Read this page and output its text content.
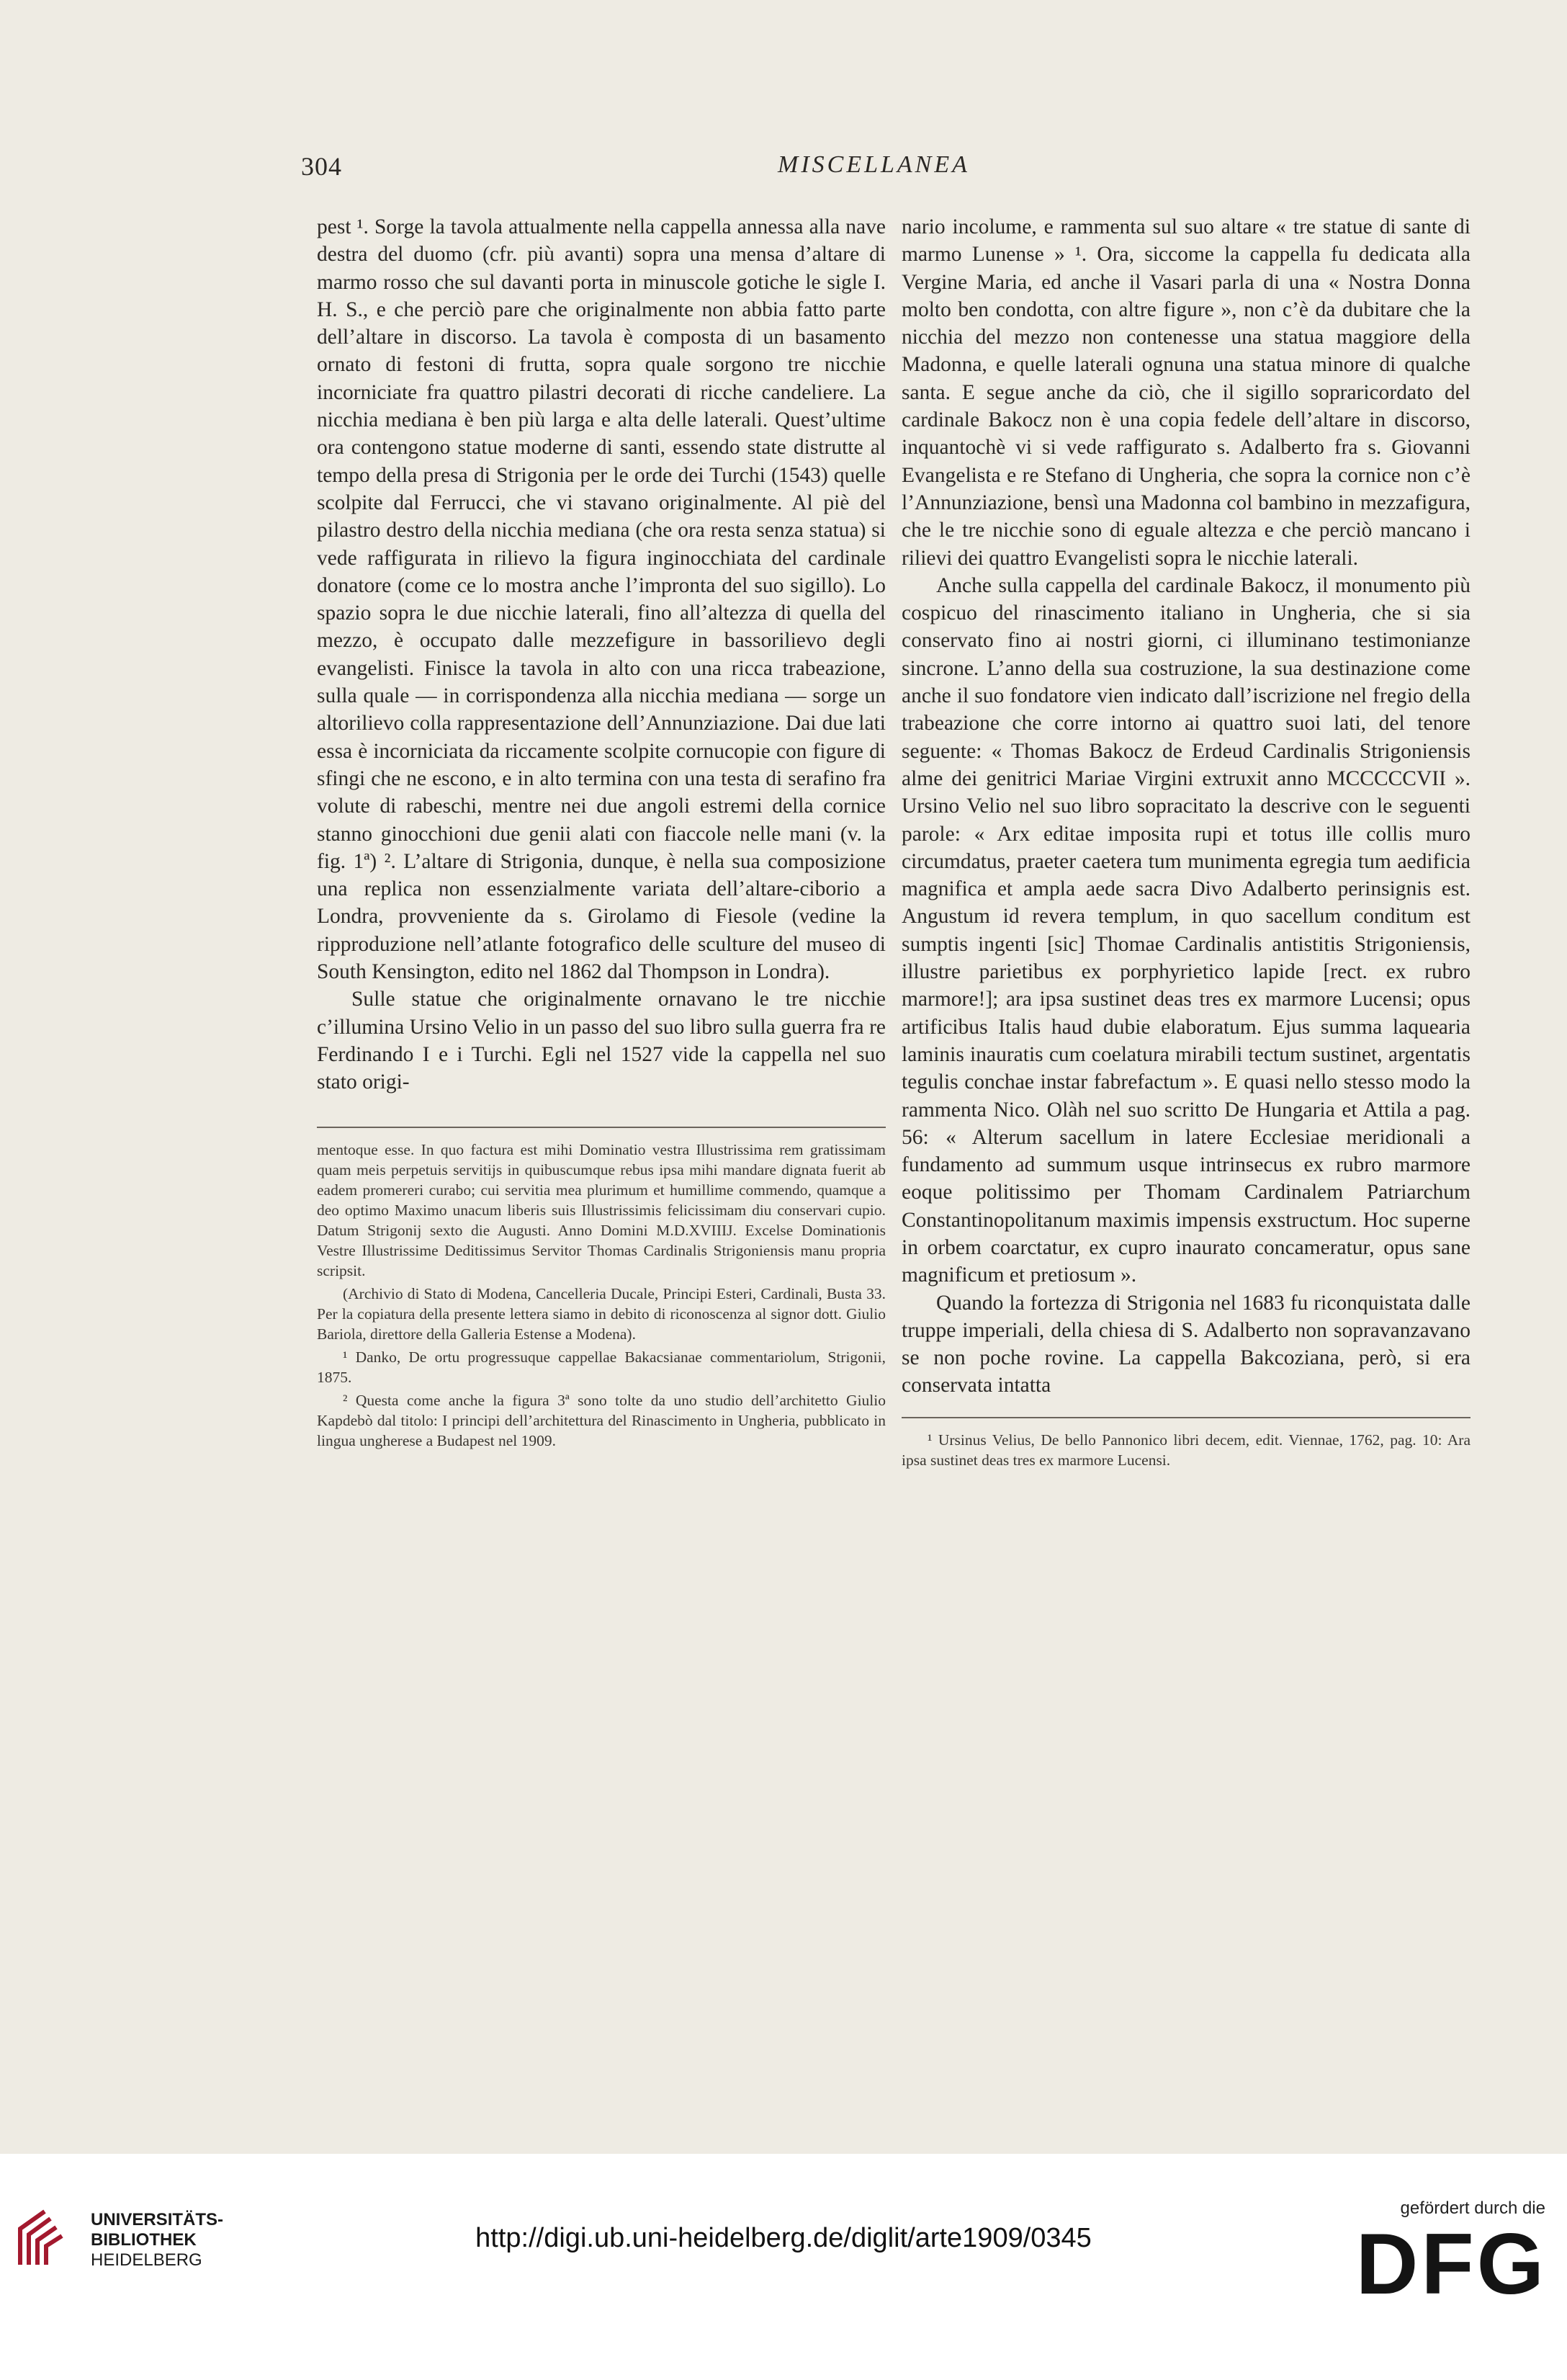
304	MISCELLANEA

pest ¹. Sorge la tavola attualmente nella cappella annessa alla nave destra del duomo (cfr. più avanti) sopra una mensa d’altare di marmo rosso che sul davanti porta in minuscole gotiche le sigle I. H. S., e che perciò pare che originalmente non abbia fatto parte dell’altare in discorso. La tavola è composta di un basamento ornato di festoni di frutta, sopra quale sorgono tre nicchie incorniciate fra quattro pilastri decorati di ricche candeliere. La nicchia mediana è ben più larga e alta delle laterali. Quest’ultime ora contengono statue moderne di santi, essendo state distrutte al tempo della presa di Strigonia per le orde dei Turchi (1543) quelle scolpite dal Ferrucci, che vi stavano originalmente. Al piè del pilastro destro della nicchia mediana (che ora resta senza statua) si vede raffigurata in rilievo la figura inginocchiata del cardinale donatore (come ce lo mostra anche l’impronta del suo sigillo). Lo spazio sopra le due nicchie laterali, fino all’altezza di quella del mezzo, è occupato dalle mezzefigure in bassorilievo degli evangelisti. Finisce la tavola in alto con una ricca trabeazione, sulla quale — in corrispondenza alla nicchia mediana — sorge un altorilievo colla rappresentazione dell’Annunziazione. Dai due lati essa è incorniciata da riccamente scolpite cornucopie con figure di sfingi che ne escono, e in alto termina con una testa di serafino fra volute di rabeschi, mentre nei due angoli estremi della cornice stanno ginocchioni due genii alati con fiaccole nelle mani (v. la fig. 1ª) ². L’altare di Strigonia, dunque, è nella sua composizione una replica non essenzialmente variata dell’altare-ciborio a Londra, provveniente da s. Girolamo di Fiesole (vedine la ripproduzione nell’atlante fotografico delle sculture del museo di South Kensington, edito nel 1862 dal Thompson in Londra).

Sulle statue che originalmente ornavano le tre nicchie c’illumina Ursino Velio in un passo del suo libro sulla guerra fra re Ferdinando I e i Turchi. Egli nel 1527 vide la cappella nel suo stato origi-

mentoque esse. In quo factura est mihi Dominatio vestra Illustrissima rem gratissimam quam meis perpetuis servitijs in quibuscumque rebus ipsa mihi mandare dignata fuerit ab eadem promereri curabo; cui servitia mea plurimum et humillime commendo, quamque a deo optimo Maximo unacum liberis suis Illustrissimis felicissimam diu conservari cupio. Datum Strigonij sexto die Augusti. Anno Domini M.D.XVIIIJ. Excelse Dominationis Vestre Illustrissime Deditissimus Servitor Thomas Cardinalis Strigoniensis manu propria scripsit.

(Archivio di Stato di Modena, Cancelleria Ducale, Principi Esteri, Cardinali, Busta 33. Per la copiatura della presente lettera siamo in debito di riconoscenza al signor dott. Giulio Bariola, direttore della Galleria Estense a Modena).

¹ Danko, De ortu progressuque cappellae Bakacsianae commentariolum, Strigonii, 1875.

² Questa come anche la figura 3ª sono tolte da uno studio dell’architetto Giulio Kapdebò dal titolo: I principi dell’architettura del Rinascimento in Ungheria, pubblicato in lingua ungherese a Budapest nel 1909.

nario incolume, e rammenta sul suo altare « tre statue di sante di marmo Lunense » ¹. Ora, siccome la cappella fu dedicata alla Vergine Maria, ed anche il Vasari parla di una « Nostra Donna molto ben condotta, con altre figure », non c’è da dubitare che la nicchia del mezzo non contenesse una statua maggiore della Madonna, e quelle laterali ognuna una statua minore di qualche santa. E segue anche da ciò, che il sigillo sopraricordato del cardinale Bakocz non è una copia fedele dell’altare in discorso, inquantochè vi si vede raffigurato s. Adalberto fra s. Giovanni Evangelista e re Stefano di Ungheria, che sopra la cornice non c’è l’Annunziazione, bensì una Madonna col bambino in mezzafigura, che le tre nicchie sono di eguale altezza e che perciò mancano i rilievi dei quattro Evangelisti sopra le nicchie laterali.

Anche sulla cappella del cardinale Bakocz, il monumento più cospicuo del rinascimento italiano in Ungheria, che si sia conservato fino ai nostri giorni, ci illuminano testimonianze sincrone. L’anno della sua costruzione, la sua destinazione come anche il suo fondatore vien indicato dall’iscrizione nel fregio della trabeazione che corre intorno ai quattro suoi lati, del tenore seguente: « Thomas Bakocz de Erdeud Cardinalis Strigoniensis alme dei genitrici Mariae Virgini extruxit anno MCCCCCVII ». Ursino Velio nel suo libro sopracitato la descrive con le seguenti parole: « Arx editae imposita rupi et totus ille collis muro circumdatus, praeter caetera tum munimenta egregia tum aedificia magnifica et ampla aede sacra Divo Adalberto perinsignis est. Angustum id revera templum, in quo sacellum conditum est sumptis ingenti [sic] Thomae Cardinalis antistitis Strigoniensis, illustre parietibus ex porphyrietico lapide [rect. ex rubro marmore!]; ara ipsa sustinet deas tres ex marmore Lucensi; opus artificibus Italis haud dubie elaboratum. Ejus summa laquearia laminis inauratis cum coelatura mirabili tectum sustinet, argentatis tegulis conchae instar fabrefactum ». E quasi nello stesso modo la rammenta Nico. Olàh nel suo scritto De Hungaria et Attila a pag. 56: « Alterum sacellum in latere Ecclesiae meridionali a fundamento ad summum usque intrinsecus ex rubro marmore eoque politissimo per Thomam Cardinalem Patriarchum Constantinopolitanum maximis impensis exstructum. Hoc superne in orbem coarctatur, ex cupro inaurato concameratur, opus sane magnificum et pretiosum ».

Quando la fortezza di Strigonia nel 1683 fu riconquistata dalle truppe imperiali, della chiesa di S. Adalberto non sopravanzavano se non poche rovine. La cappella Bakcoziana, però, si era conservata intatta

¹ Ursinus Velius, De bello Pannonico libri decem, edit. Viennae, 1762, pag. 10: Ara ipsa sustinet deas tres ex marmore Lucensi.

UNIVERSITÄTS-
BIBLIOTHEK
HEIDELBERG
http://digi.ub.uni-heidelberg.de/diglit/arte1909/0345
gefördert durch die
DFG
